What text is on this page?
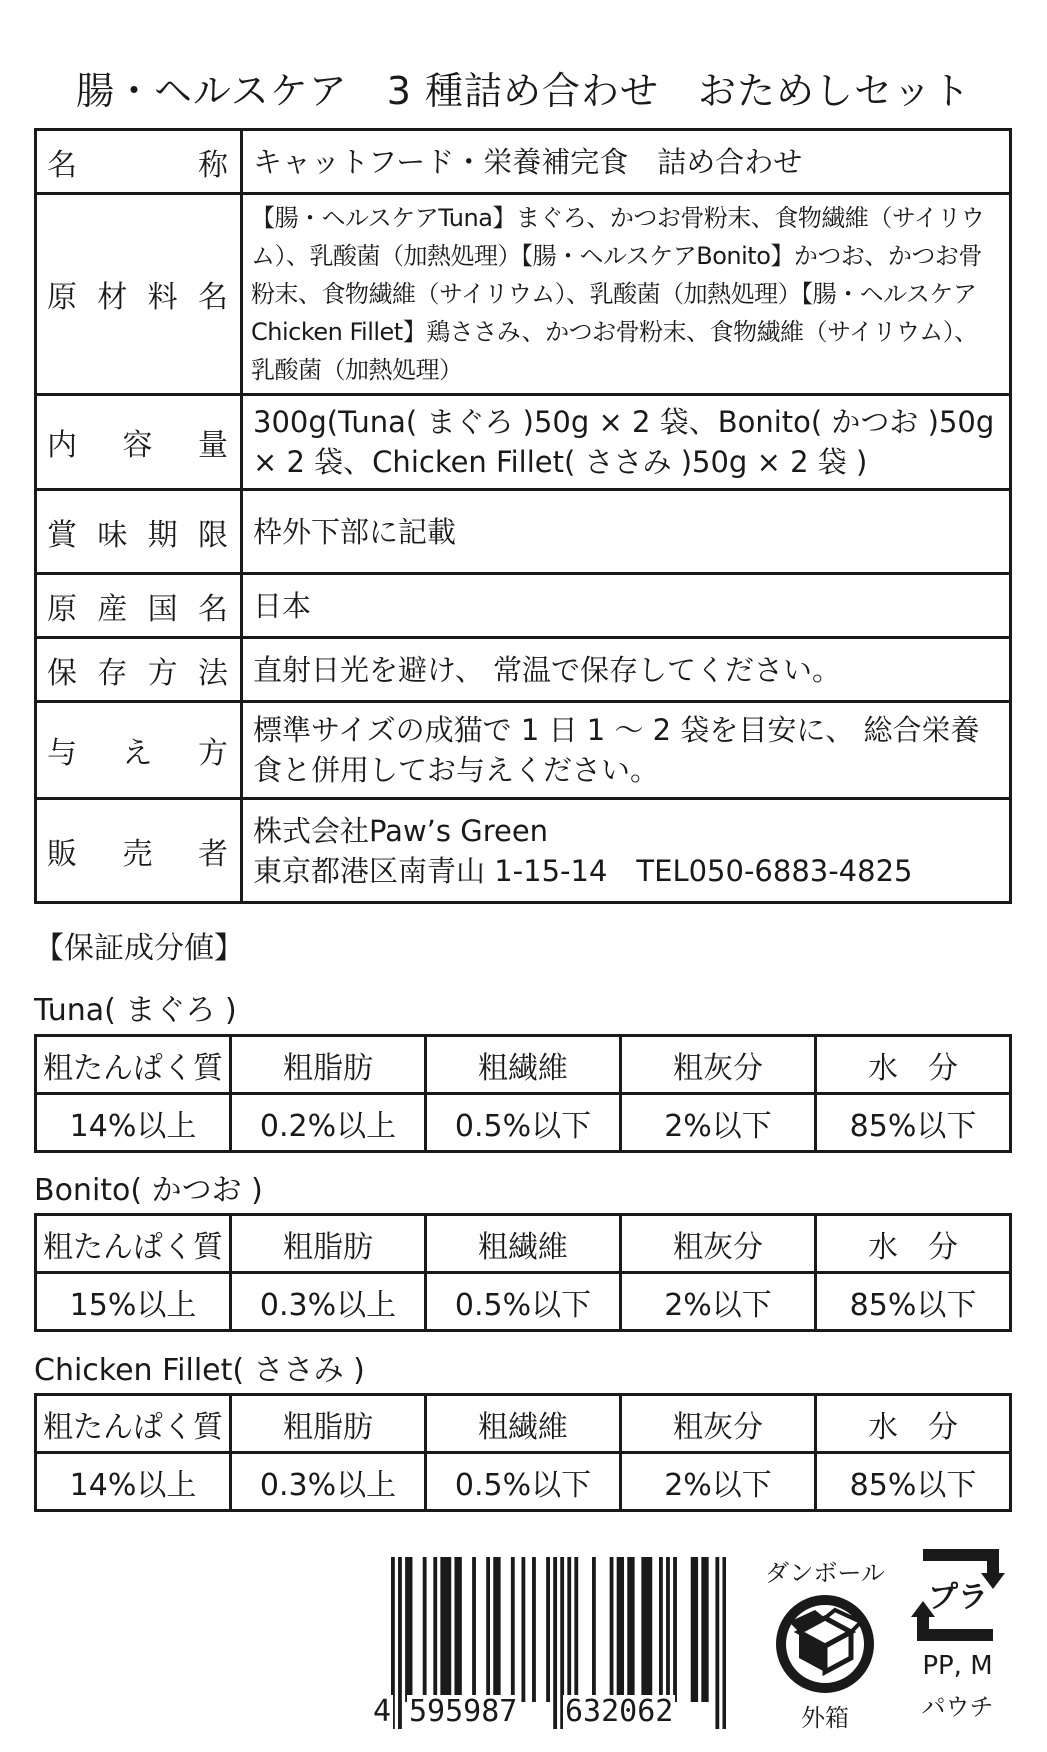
腸・ヘルスケア　3 種詰め合わせ　おためしセット
名称	キャットフード・栄養補完食　詰め合わせ
原材料名	【腸・ヘルスケアTuna】まぐろ、かつお骨粉末、食物繊維（サイリウム）、乳酸菌（加熱処理）【腸・ヘルスケアBonito】かつお、かつお骨粉末、食物繊維（サイリウム）、乳酸菌（加熱処理）【腸・ヘルスケアChicken Fillet】鶏ささみ、かつお骨粉末、食物繊維（サイリウム）、乳酸菌（加熱処理）
内容量	300g(Tuna( まぐろ )50g × 2 袋、Bonito( かつお )50g × 2 袋、Chicken Fillet( ささみ )50g × 2 袋 )
賞味期限	枠外下部に記載
原産国名	日本
保存方法	直射日光を避け、 常温で保存してください。
与え方	標準サイズの成猫で 1 日 1 ～ 2 袋を目安に、 総合栄養食と併用してお与えください。
販売者	株式会社Paw’s Green
東京都港区南青山 1-15-14　TEL050-6883-4825
【保証成分値】
Tuna( まぐろ )
粗たんぱく質	粗脂肪	粗繊維	粗灰分	水　分
14%以上	0.2%以上	0.5%以下	2%以下	85%以下
Bonito( かつお )
粗たんぱく質	粗脂肪	粗繊維	粗灰分	水　分
15%以上	0.3%以上	0.5%以下	2%以下	85%以下
Chicken Fillet( ささみ )
粗たんぱく質	粗脂肪	粗繊維	粗灰分	水　分
14%以上	0.3%以上	0.5%以下	2%以下	85%以下
4 595987 632062
ダンボール
外箱
プラ
PP, M
パウチ
